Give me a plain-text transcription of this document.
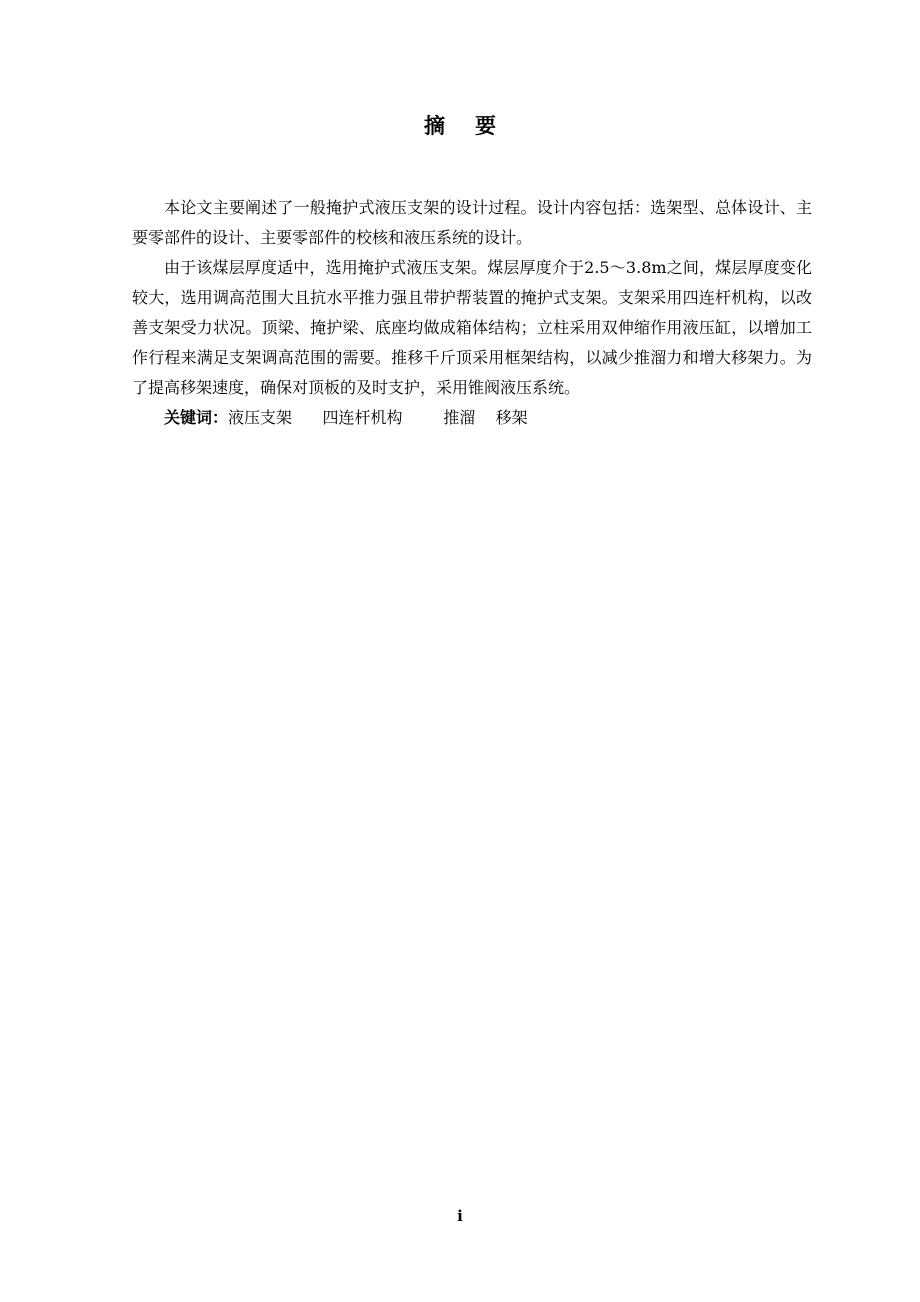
摘要

本论文主要阐述了一般掩护式液压支架的设计过程。设计内容包括：选架型、总体设计、主要零部件的设计、主要零部件的校核和液压系统的设计。

由于该煤层厚度适中，选用掩护式液压支架。煤层厚度介于2.5～3.8m之间，煤层厚度变化较大，选用调高范围大且抗水平推力强且带护帮装置的掩护式支架。支架采用四连杆机构，以改善支架受力状况。顶梁、掩护梁、底座均做成箱体结构；立柱采用双伸缩作用液压缸，以增加工作行程来满足支架调高范围的需要。推移千斤顶采用框架结构，以减少推溜力和增大移架力。为了提高移架速度，确保对顶板的及时支护，采用锥阀液压系统。

关键词：液压支架 四连杆机构	推溜 移架

i
